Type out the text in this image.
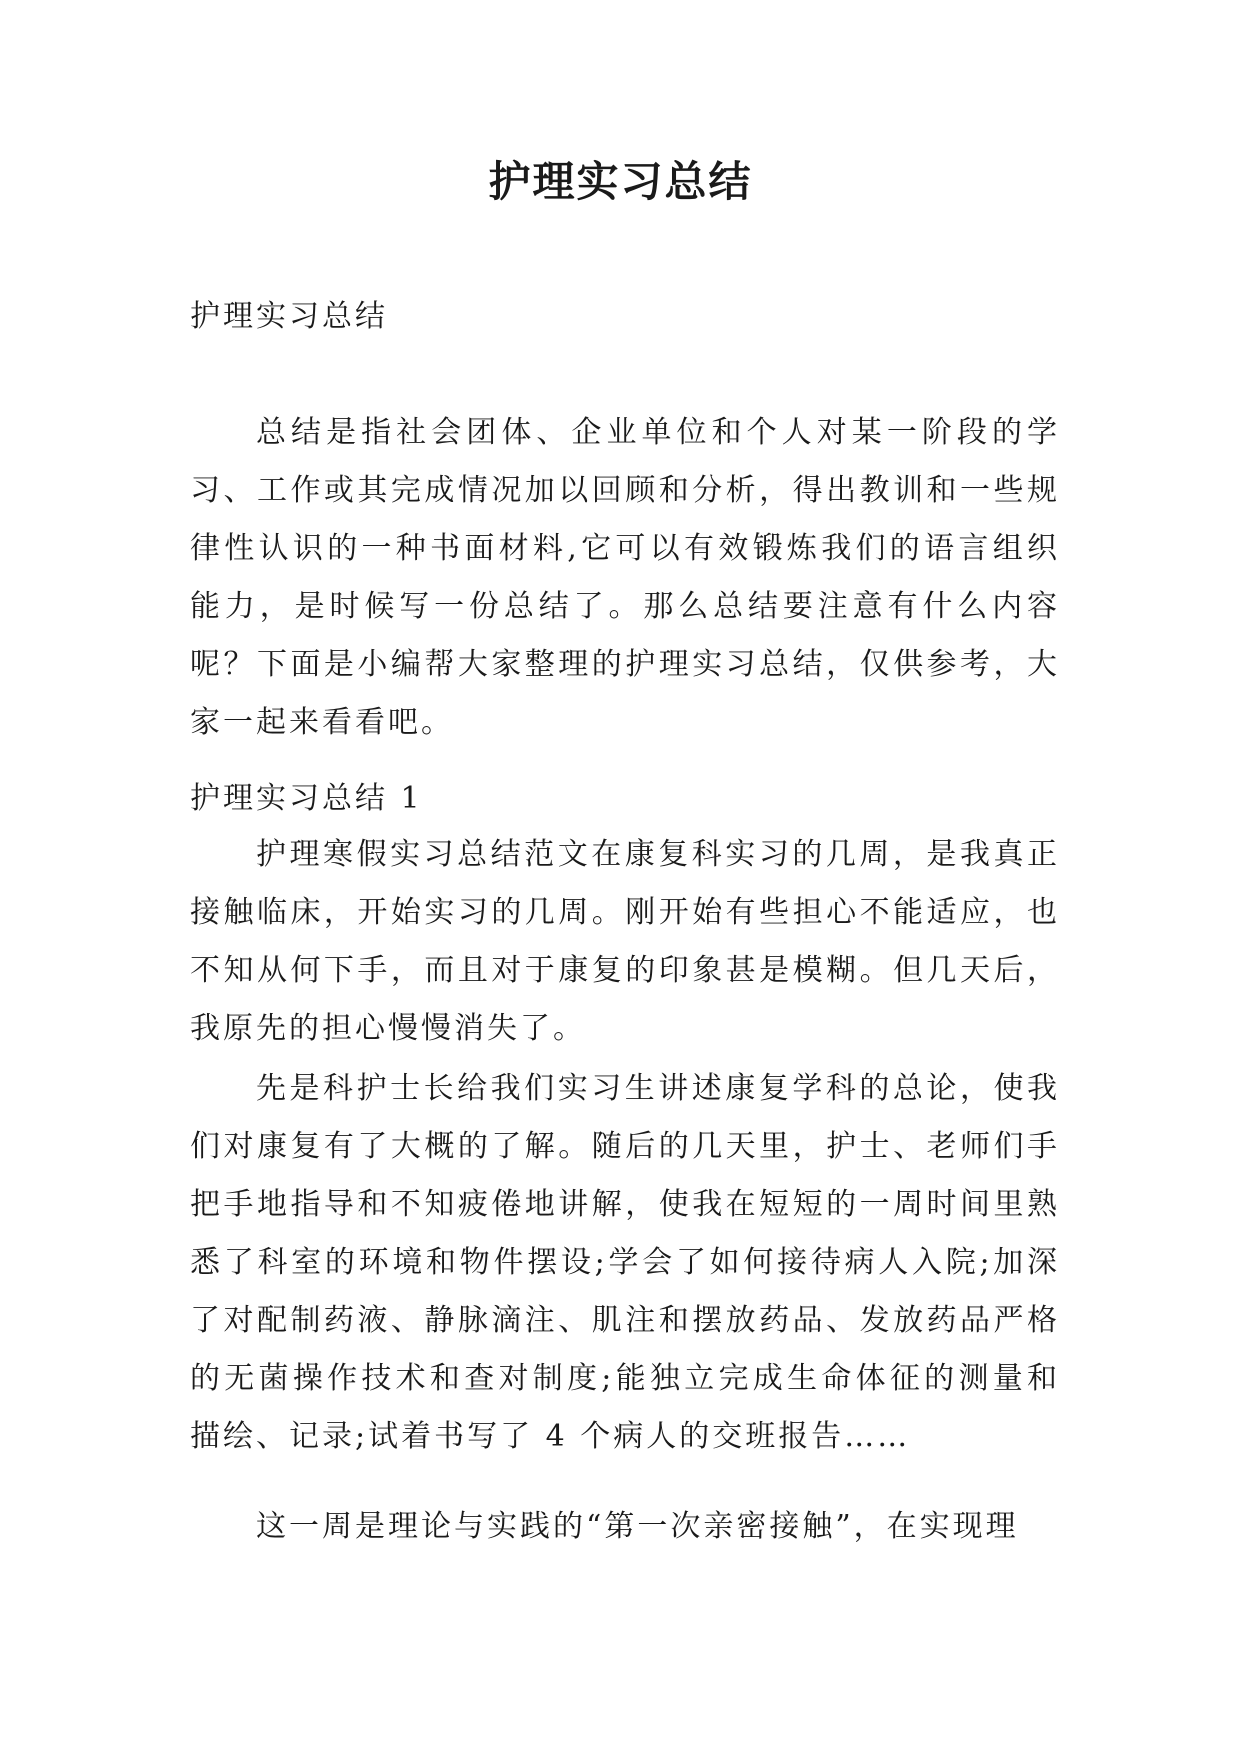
护理实习总结

护理实习总结

总结是指社会团体、企业单位和个人对某一阶段的学习、工作或其完成情况加以回顾和分析，得出教训和一些规律性认识的一种书面材料,它可以有效锻炼我们的语言组织能力，是时候写一份总结了。那么总结要注意有什么内容呢？下面是小编帮大家整理的护理实习总结，仅供参考，大家一起来看看吧。

护理实习总结 1

护理寒假实习总结范文在康复科实习的几周，是我真正接触临床，开始实习的几周。刚开始有些担心不能适应，也不知从何下手，而且对于康复的印象甚是模糊。但几天后，我原先的担心慢慢消失了。

先是科护士长给我们实习生讲述康复学科的总论，使我们对康复有了大概的了解。随后的几天里，护士、老师们手把手地指导和不知疲倦地讲解，使我在短短的一周时间里熟悉了科室的环境和物件摆设;学会了如何接待病人入院;加深了对配制药液、静脉滴注、肌注和摆放药品、发放药品严格的无菌操作技术和查对制度;能独立完成生命体征的测量和描绘、记录;试着书写了 4 个病人的交班报告……

这一周是理论与实践的“第一次亲密接触”，在实现理
